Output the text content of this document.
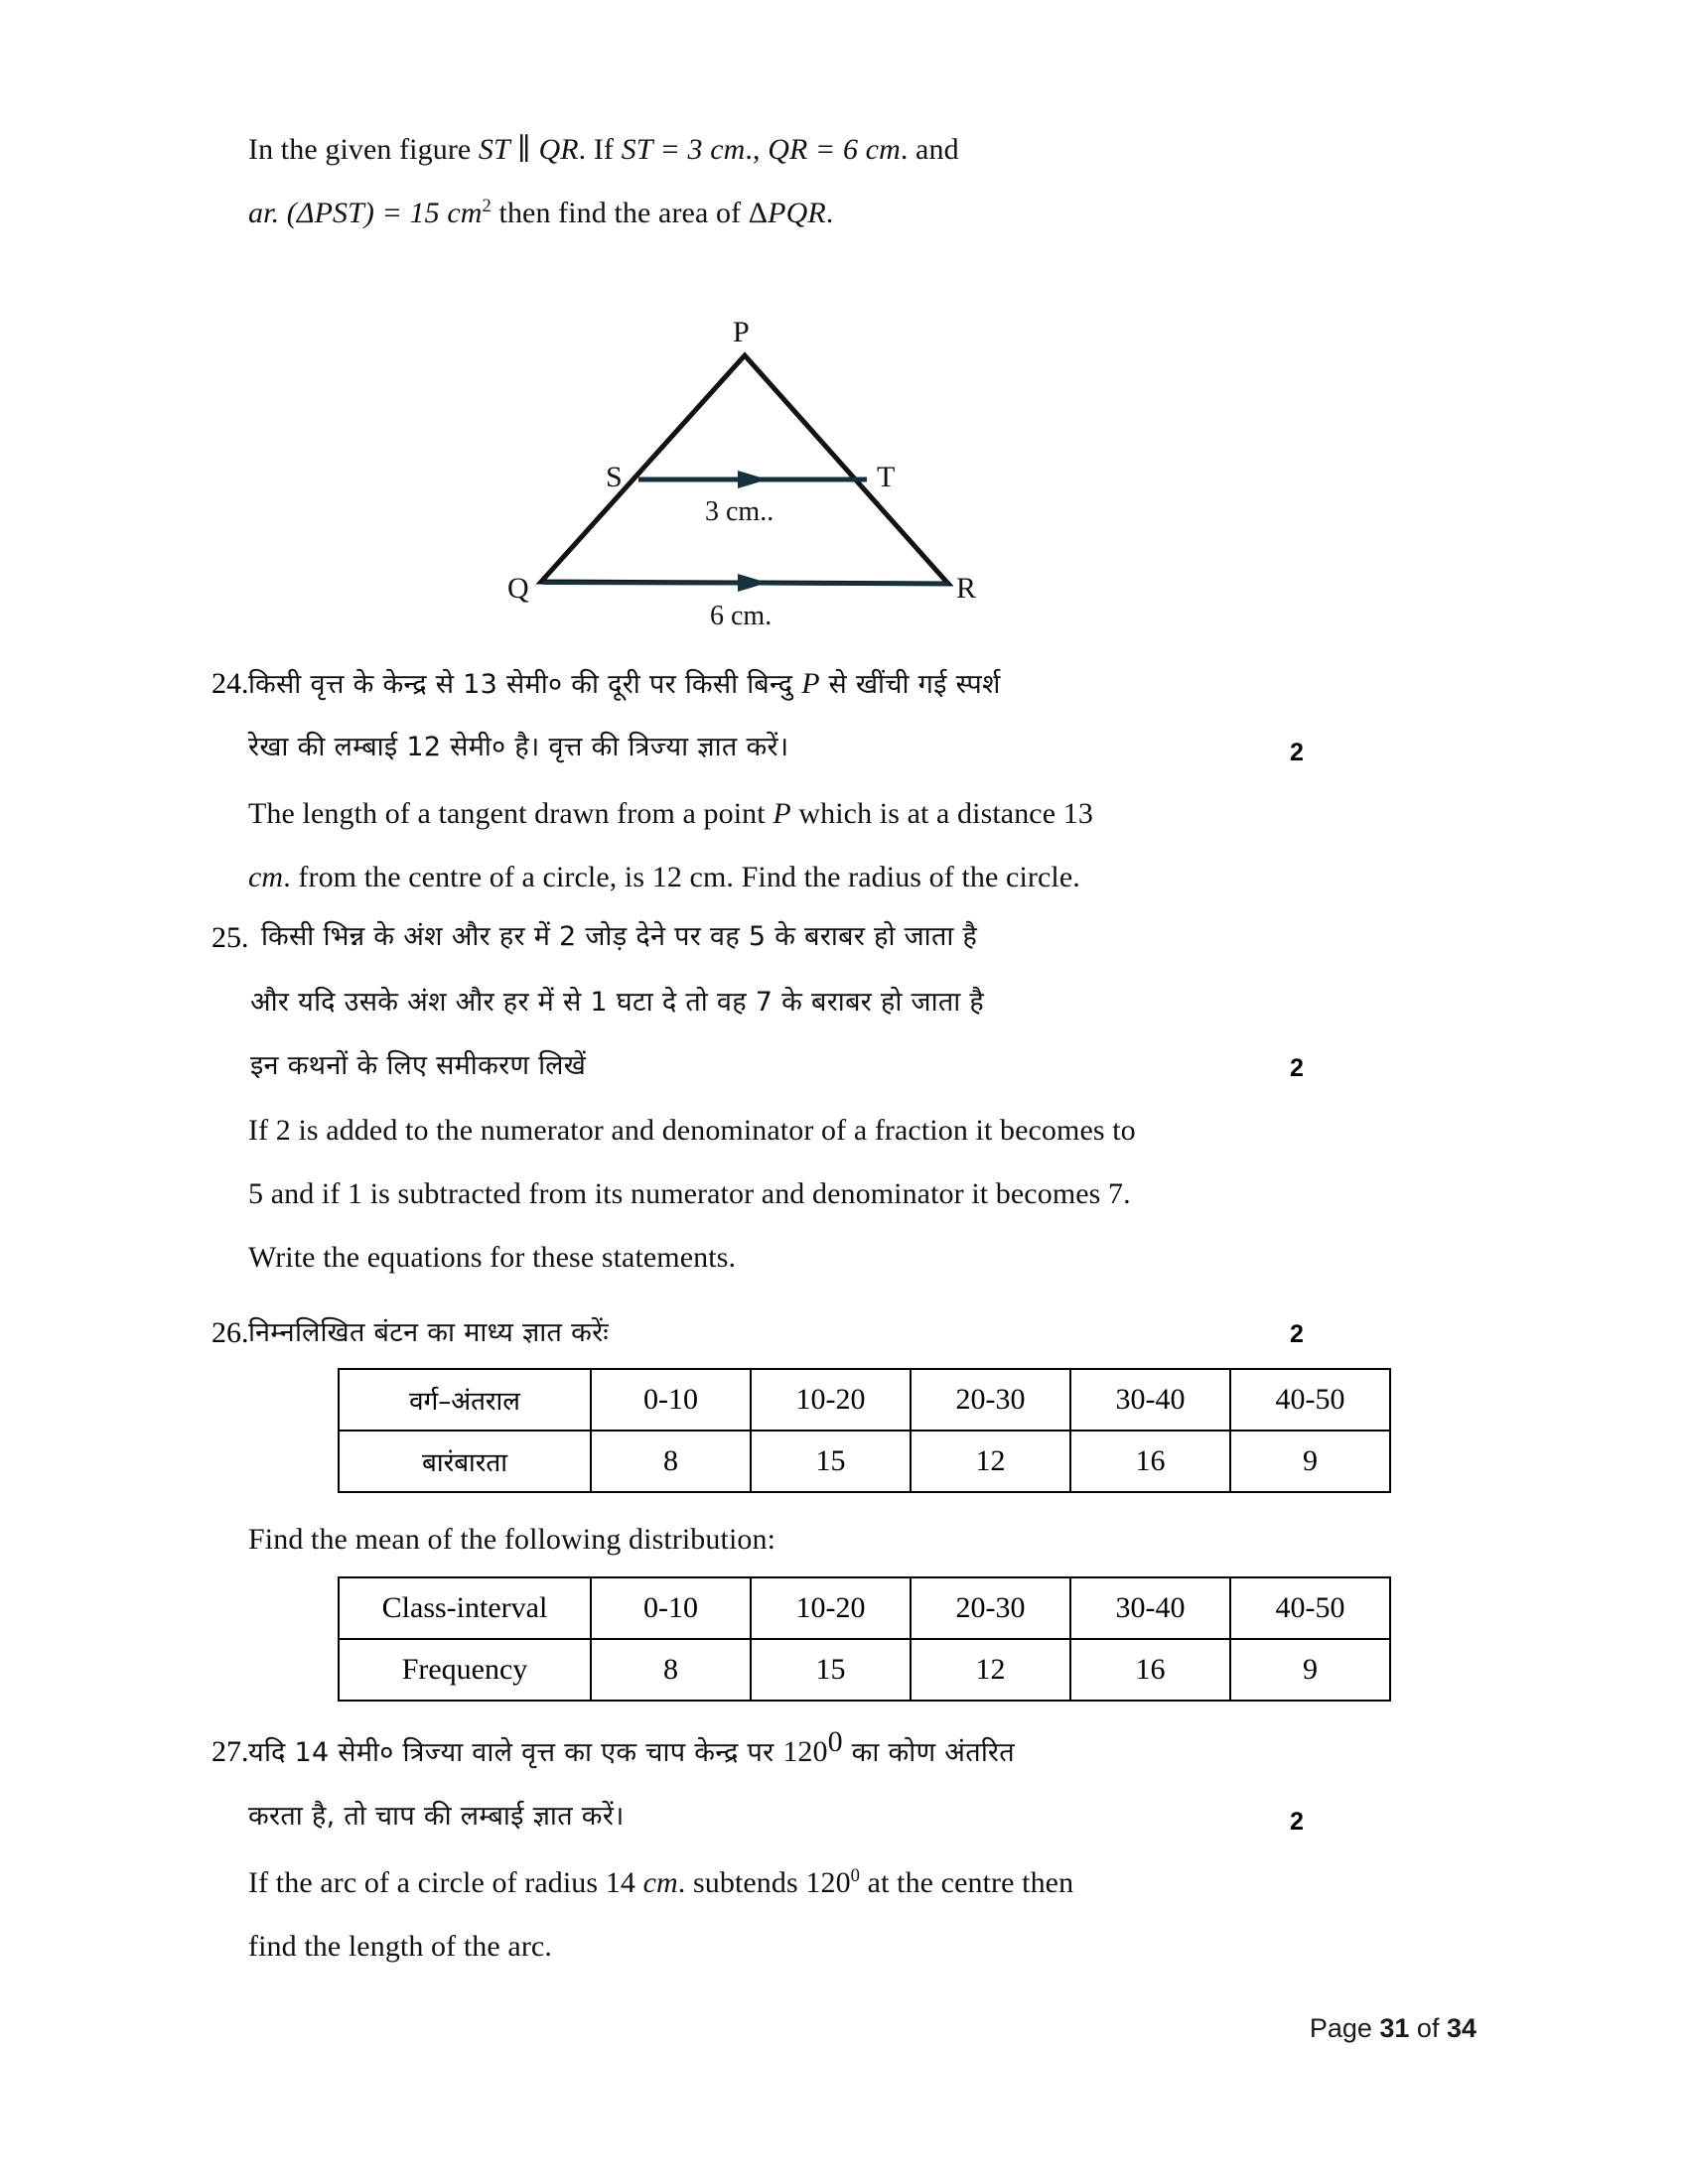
In the given figure ST ∥ QR. If ST = 3 cm., QR = 6 cm. and
ar. (ΔPST) = 15 $cm^2$ then find the area of ΔPQR.
P
Q	R
S	T
3 cm..
6 cm.
24. किसी वृत्त के केन्द्र से 13 सेमी० की दूरी पर किसी बिन्दु P से खींची गई स्पर्श
रेखा की लम्बाई 12 सेमी० है। वृत्त की त्रिज्या ज्ञात करें।	2
The length of a tangent drawn from a point P which is at a distance 13
cm. from the centre of a circle, is 12 cm. Find the radius of the circle.
25. किसी भिन्न के अंश और हर में 2 जोड़ देने पर वह 5 के बराबर हो जाता है
और यदि उसके अंश और हर में से 1 घटा दे तो वह 7 के बराबर हो जाता है
इन कथनों के लिए समीकरण लिखें	2
If 2 is added to the numerator and denominator of a fraction it becomes to
5 and if 1 is subtracted from its numerator and denominator it becomes 7.
Write the equations for these statements.
26. निम्नलिखित बंटन का माध्य ज्ञात करेंः	2
वर्ग–अंतराल	0-10	10-20	20-30	30-40	40-50
बारंबारता	8	15	12	16	9
Find the mean of the following distribution:
Class-interval	0-10	10-20	20-30	30-40	40-50
Frequency	8	15	12	16	9
27. यदि 14 सेमी० त्रिज्या वाले वृत्त का एक चाप केन्द्र पर $120^0$ का कोण अंतरित
करता है, तो चाप की लम्बाई ज्ञात करें।	2
If the arc of a circle of radius 14 cm. subtends $120^0$ at the centre then
find the length of the arc.
Page 31 of 34
